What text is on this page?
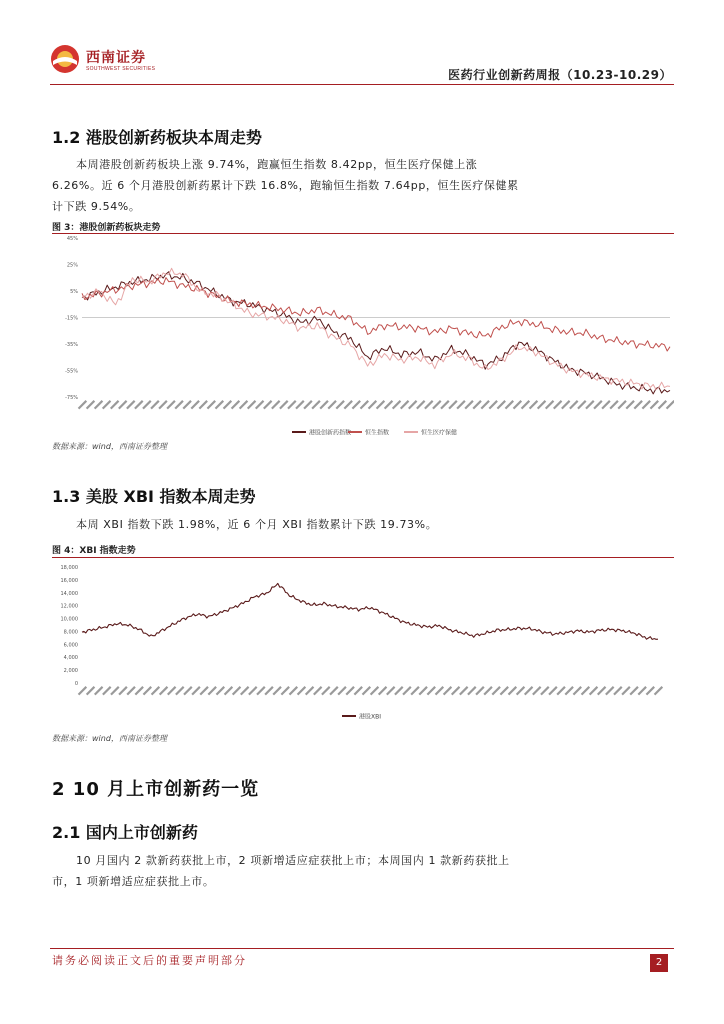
西南证券
SOUTHWEST SECURITIES	医药行业创新药周报（10.23-10.29）
1.2 港股创新药板块本周走势
本周港股创新药板块上涨 9.74%，跑赢恒生指数 8.42pp，恒生医疗保健上涨 6.26%。近 6 个月港股创新药累计下跌 16.8%，跑输恒生指数 7.64pp，恒生医疗保健累计下跌 9.54%。
图 3：港股创新药板块走势
45%
25%
5%
-15%
-35%
-55%
-75%
港股创新药指数 恒生指数	恒生医疗保健
数据来源：wind，西南证券整理
1.3 美股 XBI 指数本周走势
本周 XBI 指数下跌 1.98%，近 6 个月 XBI 指数累计下跌 19.73%。
图 4：XBI 指数走势
18,000
16,000
14,000
12,000
10,000
8,000
6,000
4,000
2,000
0
港股XBI
数据来源：wind，西南证券整理
2 10 月上市创新药一览
2.1 国内上市创新药
10 月国内 2 款新药获批上市，2 项新增适应症获批上市；本周国内 1 款新药获批上市，1 项新增适应症获批上市。
请务必阅读正文后的重要声明部分	2
